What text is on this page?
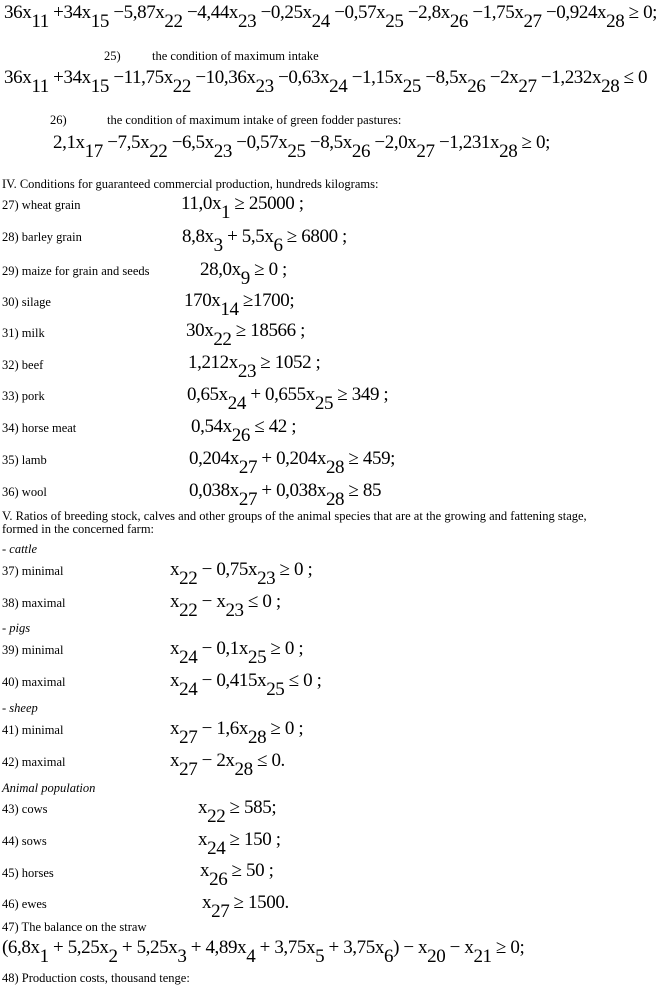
$36x_{11} +34x_{15} -5,87x_{22} -4,44x_{23} -0,25x_{24} -0,57x_{25} -2,8x_{26} -1,75x_{27} -0,924x_{28} \ge 0$;
25)	the condition of maximum intake
$36x_{11} +34x_{15} -11,75x_{22} -10,36x_{23} -0,63x_{24} -1,15x_{25} -8,5x_{26} -2x_{27} -1,232x_{28} \le 0$
26)	the condition of maximum intake of green fodder pastures:
$2,1x_{17} -7,5x_{22} -6,5x_{23} -0,57x_{25} -8,5x_{26} -2,0x_{27} -1,231x_{28} \ge 0$;
IV. Conditions for guaranteed commercial production, hundreds kilograms:
27) wheat grain	$11,0x_1 \ge 25000$ ;
28) barley grain	$8,8x_3 + 5,5x_6 \ge 6800$ ;
29) maize for grain and seeds	$28,0x_9 \ge 0$ ;
30) silage	$170x_{14} \ge 1700$;
31) milk	$30x_{22} \ge 18566$ ;
32) beef	$1,212x_{23} \ge 1052$ ;
33) pork	$0,65x_{24} + 0,655x_{25} \ge 349$ ;
34) horse meat	$0,54x_{26} \le 42$ ;
35) lamb	$0,204x_{27} + 0,204x_{28} \ge 459$;
36) wool	$0,038x_{27} + 0,038x_{28} \ge 85$
V. Ratios of breeding stock, calves and other groups of the animal species that are at the growing and fattening stage, formed in the concerned farm:
- cattle
37) minimal	$x_{22} - 0,75x_{23} \ge 0$ ;
38) maximal	$x_{22} - x_{23} \le 0$ ;
- pigs
39) minimal	$x_{24} - 0,1x_{25} \ge 0$ ;
40) maximal	$x_{24} - 0,415x_{25} \le 0$ ;
- sheep
41) minimal	$x_{27} - 1,6x_{28} \ge 0$ ;
42) maximal	$x_{27} - 2x_{28} \le 0$.
Animal population
43) cows	$x_{22} \ge 585$;
44) sows	$x_{24} \ge 150$ ;
45) horses	$x_{26} \ge 50$ ;
46) ewes	$x_{27} \ge 1500$.
47) The balance on the straw
$(6,8x_1 + 5,25x_2 + 5,25x_3 + 4,89x_4 + 3,75x_5 + 3,75x_6) - x_{20} - x_{21} \ge 0$;
48) Production costs, thousand tenge:
